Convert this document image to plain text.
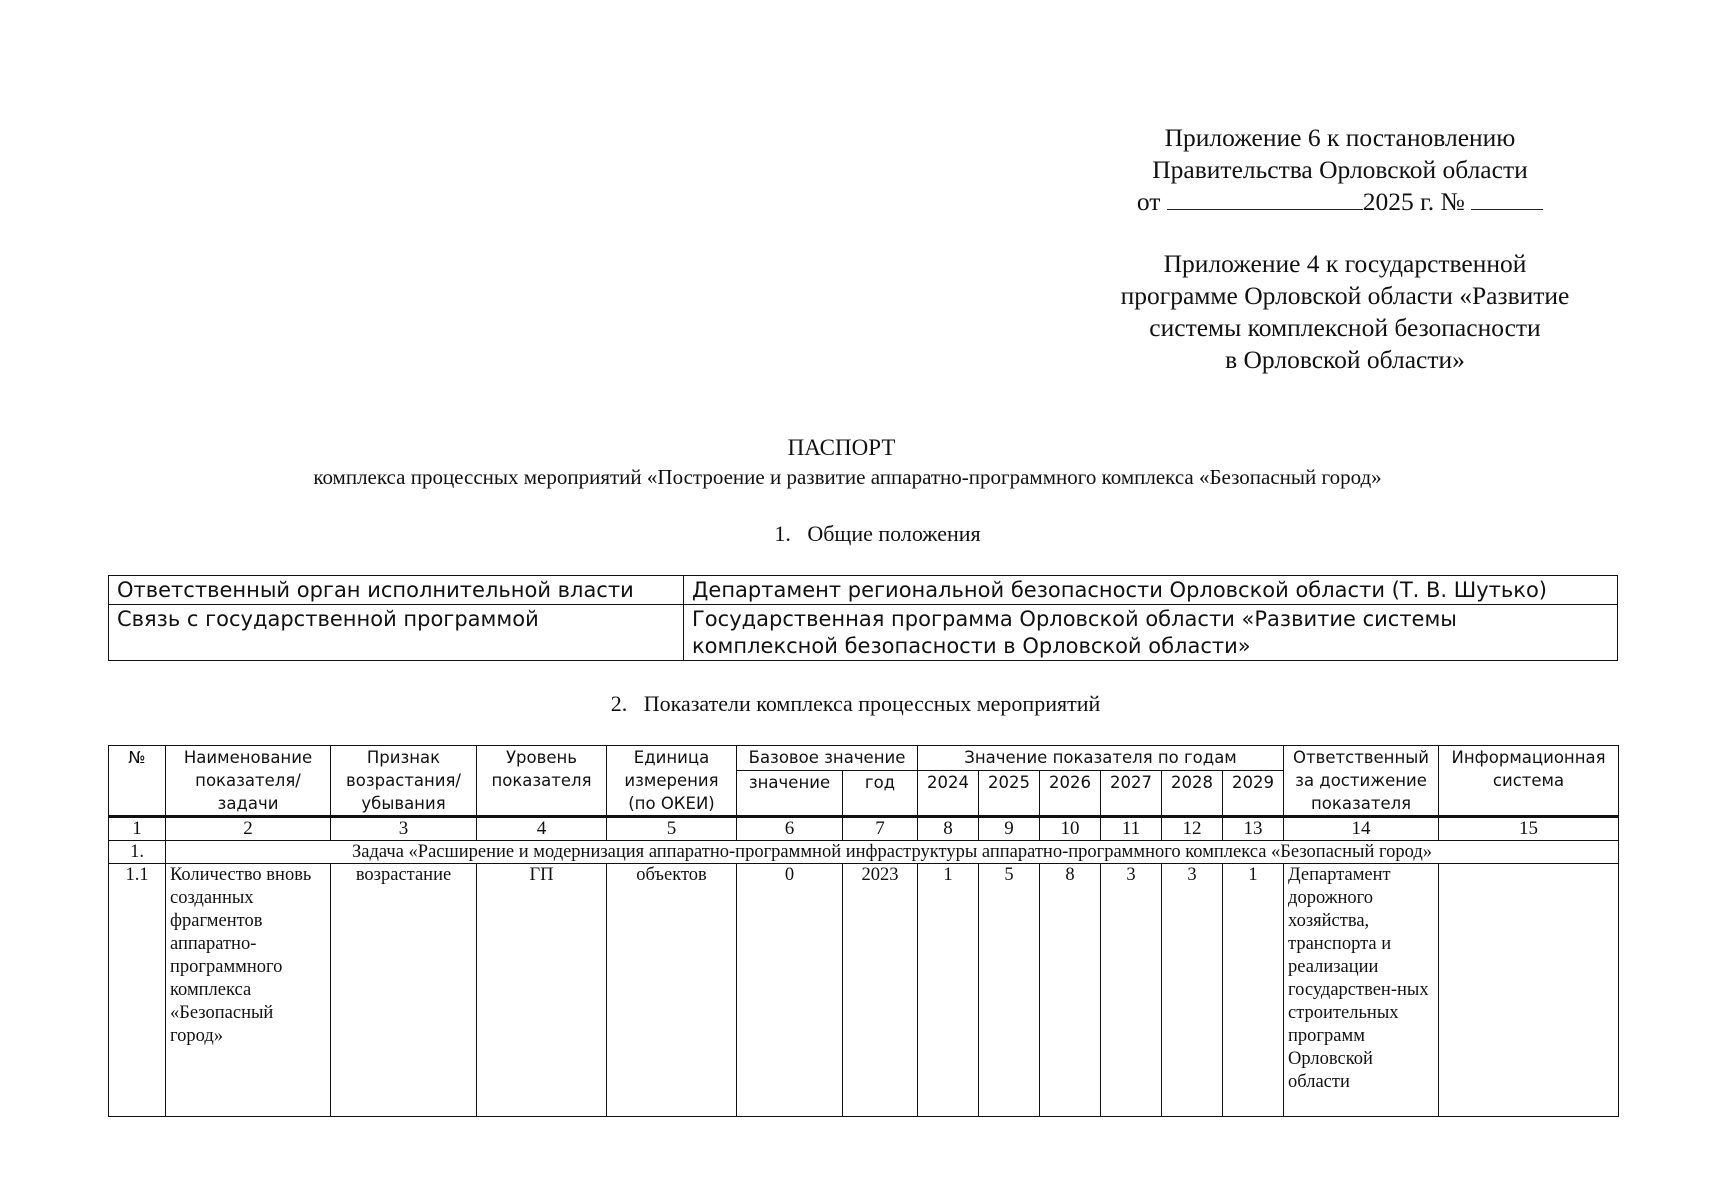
Приложение 6 к постановлению
Правительства Орловской области
от	2025 г. №
Приложение 4 к государственной
программе Орловской области «Развитие
системы комплексной безопасности
в Орловской области»
ПАСПОРТ
комплекса процессных мероприятий «Построение и развитие аппаратно-программного комплекса «Безопасный город»
1.   Общие положения
Ответственный орган исполнительной власти	Департамент региональной безопасности Орловской области (Т. В. Шутько)
Связь с государственной программой	Государственная программа Орловской области «Развитие системы комплексной безопасности в Орловской области»
2.   Показатели комплекса процессных мероприятий
№	Наименование показателя/ задачи	Признак возрастания/ убывания	Уровень показателя	Единица измерения (по ОКЕИ)	Базовое значение		Значение показателя по годам						Ответственный за достижение показателя	Информационная система
					значение	год	2024	2025	2026	2027	2028	2029		
1	2	3	4	5	6	7	8	9	10	11	12	13	14	15
1.	Задача «Расширение и модернизация аппаратно-программной инфраструктуры аппаратно-программного комплекса «Безопасный город»													
1.1	Количество вновь созданных фрагментов аппаратно-программного комплекса «Безопасный город»	возрастание	ГП	объектов	0	2023	1	5	8	3	3	1	Департамент дорожного хозяйства, транспорта и реализации государствен-ных строительных программ Орловской области	
